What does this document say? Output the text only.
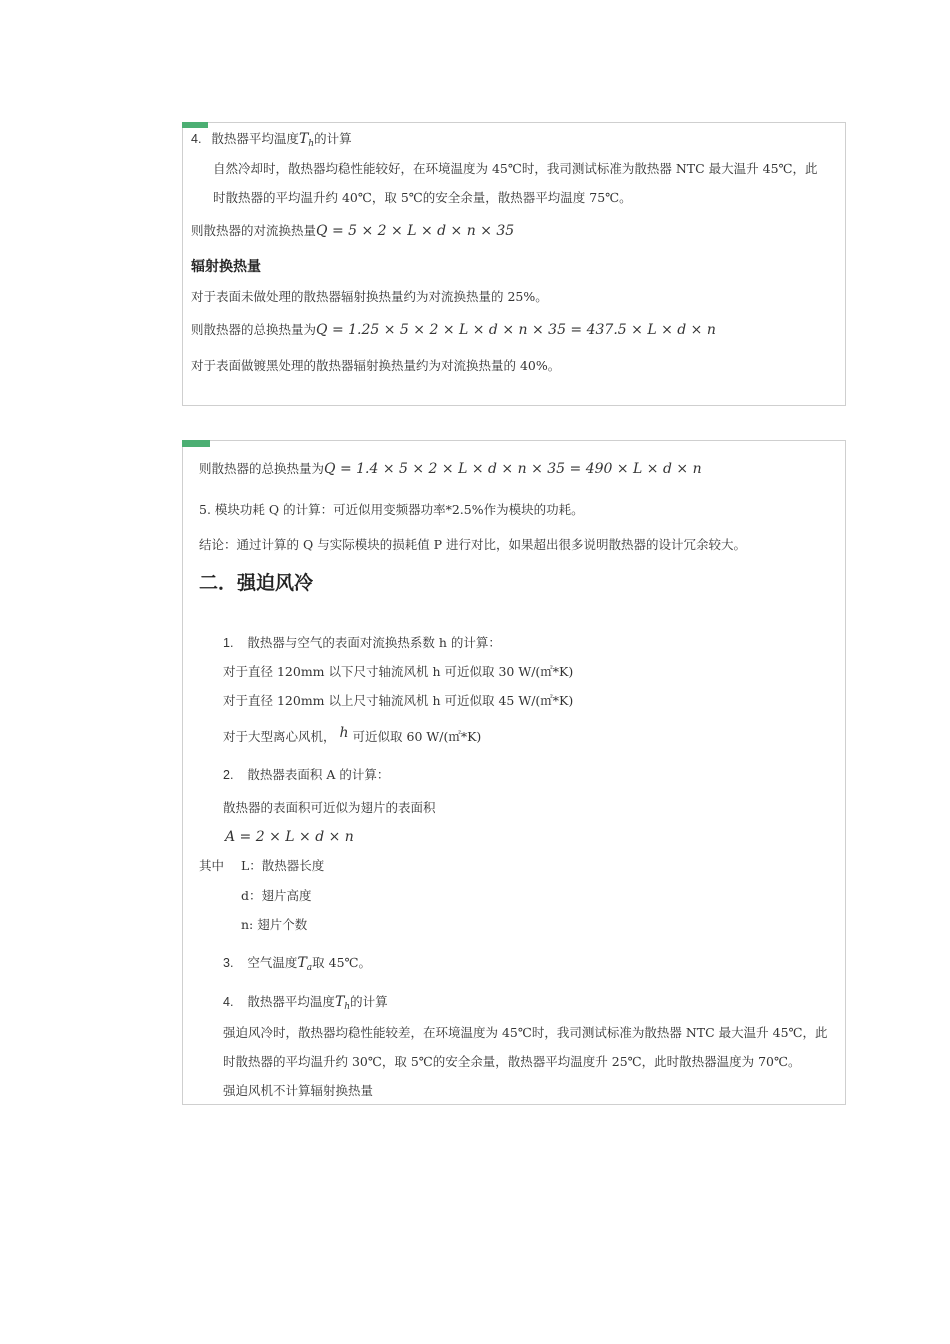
4. 散热器平均温度$T_h$的计算
自然冷却时，散热器均稳性能较好，在环境温度为 45℃时，我司测试标准为散热器 NTC 最大温升 45℃，此
时散热器的平均温升约 40℃，取 5℃的安全余量，散热器平均温度 75℃。
则散热器的对流换热量Q = 5 × 2 × L × d × n × 35
辐射换热量
对于表面未做处理的散热器辐射换热量约为对流换热量的 25%。
则散热器的总换热量为Q = 1.25 × 5 × 2 × L × d × n × 35 = 437.5 × L × d × n
对于表面做镀黑处理的散热器辐射换热量约为对流换热量的 40%。
则散热器的总换热量为Q = 1.4 × 5 × 2 × L × d × n × 35 = 490 × L × d × n
5. 模块功耗 Q 的计算：可近似用变频器功率*2.5%作为模块的功耗。
结论：通过计算的 Q 与实际模块的损耗值 P 进行对比，如果超出很多说明散热器的设计冗余较大。
二．强迫风冷
1. 散热器与空气的表面对流换热系数 h 的计算：
对于直径 120mm 以下尺寸轴流风机 h 可近似取 30 W/(㎡*K)
对于直径 120mm 以上尺寸轴流风机 h 可近似取 45 W/(㎡*K)
对于大型离心风机， h 可近似取 60 W/(㎡*K)
2. 散热器表面积 A 的计算：
散热器的表面积可近似为翅片的表面积
A = 2 × L × d × n
其中 L：散热器长度
d：翅片高度
n: 翅片个数
3. 空气温度$T_a$取 45℃。
4. 散热器平均温度$T_h$的计算
强迫风冷时，散热器均稳性能较差，在环境温度为 45℃时，我司测试标准为散热器 NTC 最大温升 45℃，此
时散热器的平均温升约 30℃，取 5℃的安全余量，散热器平均温度升 25℃，此时散热器温度为 70℃。
强迫风机不计算辐射换热量
